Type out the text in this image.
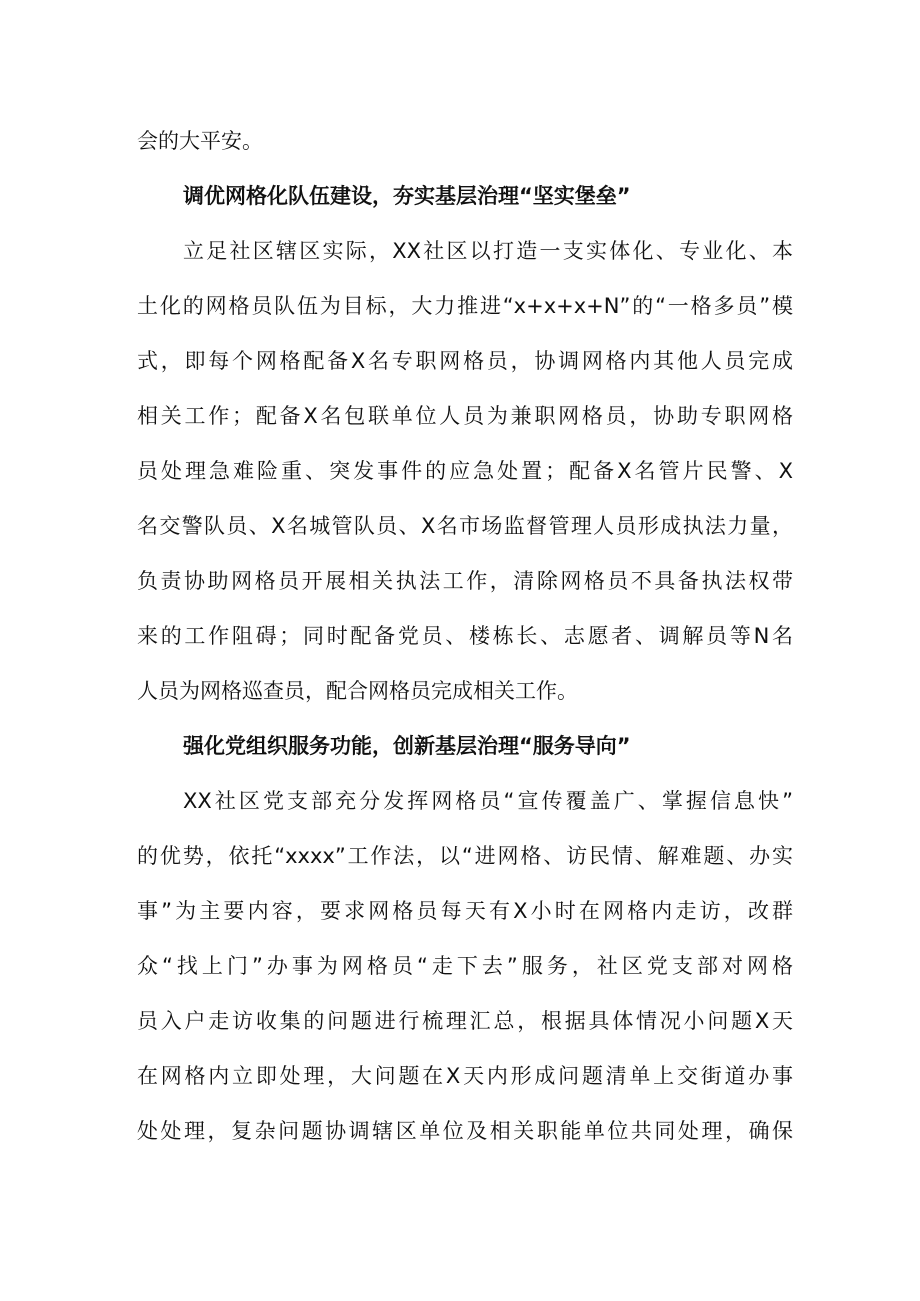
会的大平安。
调优网格化队伍建设，夯实基层治理“坚实堡垒”
立足社区辖区实际，XX社区以打造一支实体化、专业化、本
土化的网格员队伍为目标，大力推进“x+x+x+N”的“一格多员”模
式，即每个网格配备X名专职网格员，协调网格内其他人员完成
相关工作；配备X名包联单位人员为兼职网格员，协助专职网格
员处理急难险重、突发事件的应急处置；配备X名管片民警、X
名交警队员、X名城管队员、X名市场监督管理人员形成执法力量，
负责协助网格员开展相关执法工作，清除网格员不具备执法权带
来的工作阻碍；同时配备党员、楼栋长、志愿者、调解员等N名
人员为网格巡查员，配合网格员完成相关工作。
强化党组织服务功能，创新基层治理“服务导向”
XX社区党支部充分发挥网格员“宣传覆盖广、掌握信息快”
的优势，依托“xxxx”工作法，以“进网格、访民情、解难题、办实
事”为主要内容，要求网格员每天有X小时在网格内走访，改群
众“找上门”办事为网格员“走下去”服务，社区党支部对网格
员入户走访收集的问题进行梳理汇总，根据具体情况小问题X天
在网格内立即处理，大问题在X天内形成问题清单上交街道办事
处处理，复杂问题协调辖区单位及相关职能单位共同处理，确保
